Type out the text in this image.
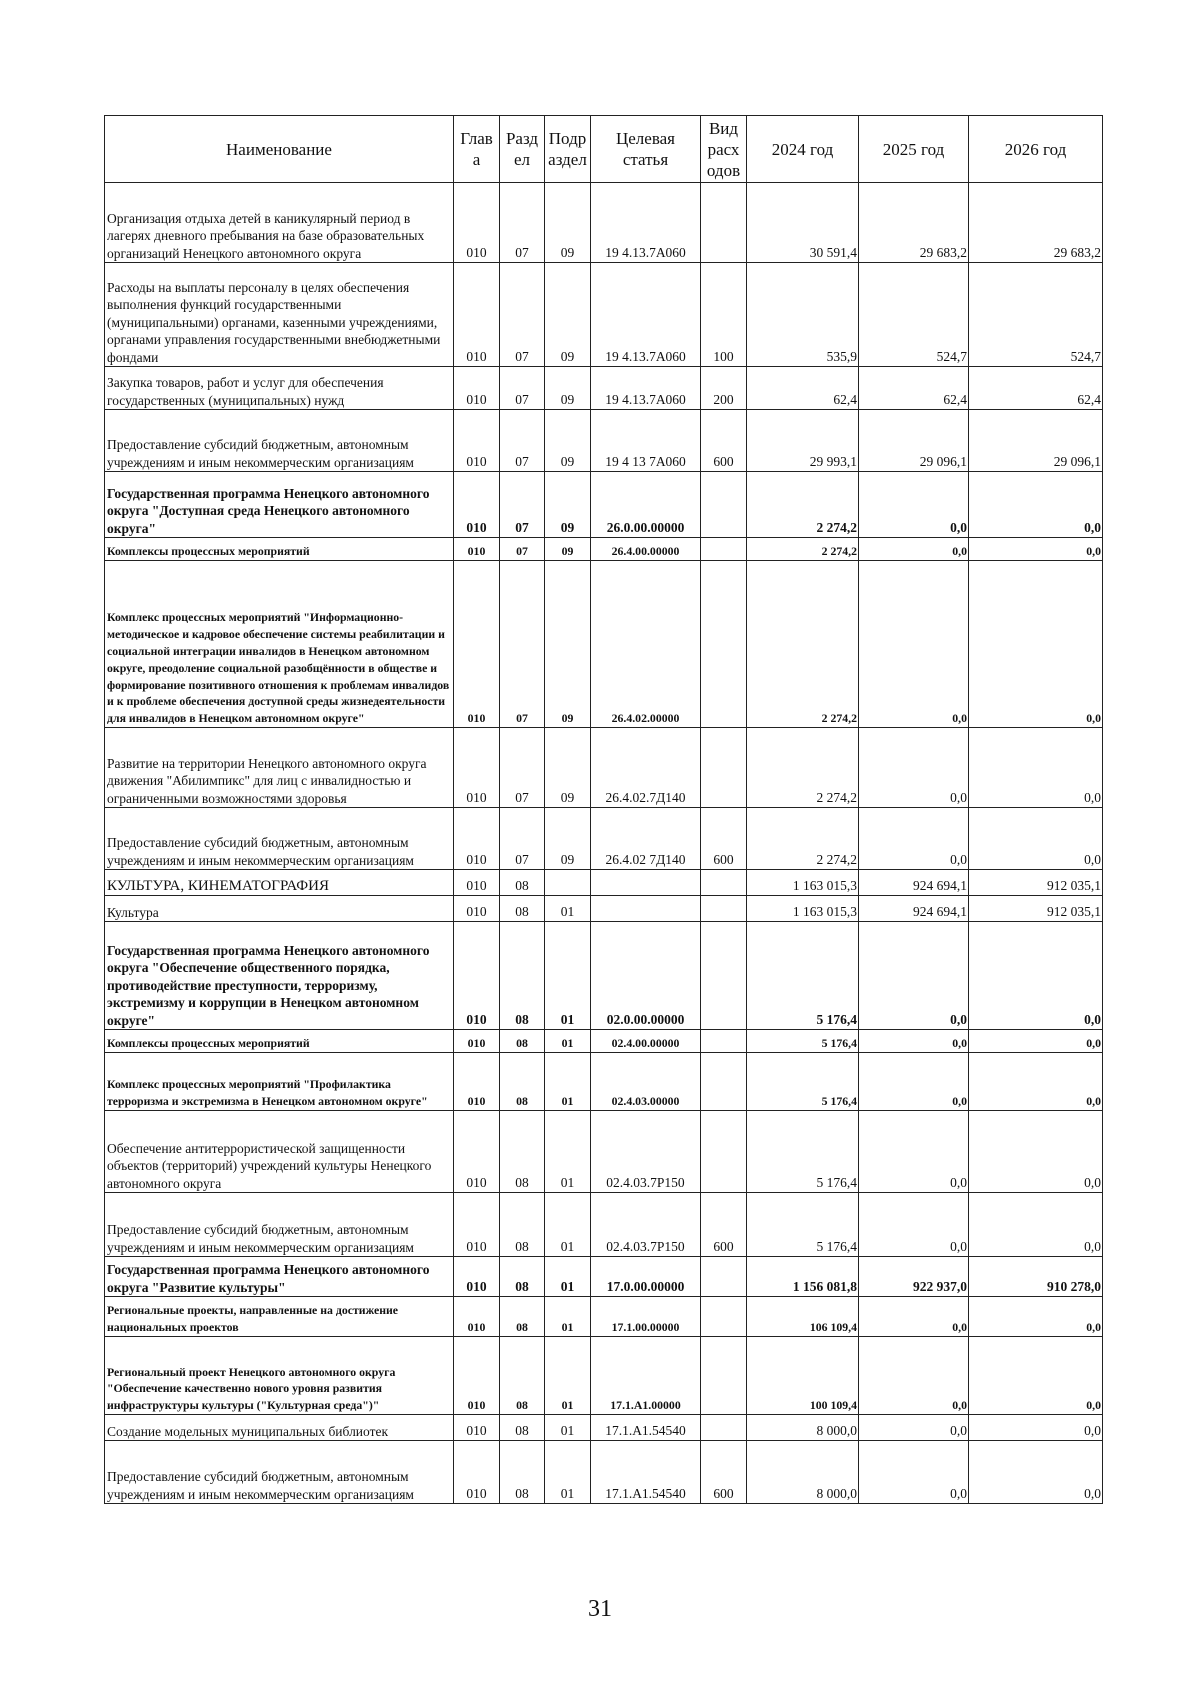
Наименование	Глав а	Разд ел	Подр аздел	Целевая статья	Вид расх одов	2024 год	2025 год	2026 год
Организация отдыха детей в каникулярный период в лагерях дневного пребывания на базе образовательных организаций Ненецкого автономного округа	010	07	09	19 4.13.7А060		30 591,4	29 683,2	29 683,2
Расходы на выплаты персоналу в целях обеспечения выполнения функций государственными (муниципальными) органами, казенными учреждениями, органами управления государственными внебюджетными фондами	010	07	09	19 4.13.7А060	100	535,9	524,7	524,7
Закупка товаров, работ и услуг для обеспечения государственных (муниципальных) нужд	010	07	09	19 4.13.7А060	200	62,4	62,4	62,4
Предоставление субсидий бюджетным, автономным учреждениям и иным некоммерческим организациям	010	07	09	19 4 13 7А060	600	29 993,1	29 096,1	29 096,1
Государственная программа Ненецкого автономного округа "Доступная среда Ненецкого автономного округа"	010	07	09	26.0.00.00000		2 274,2	0,0	0,0
Комплексы процессных мероприятий	010	07	09	26.4.00.00000		2 274,2	0,0	0,0
Комплекс процессных мероприятий "Информационно-методическое и кадровое обеспечение системы реабилитации и социальной интеграции инвалидов в Ненецком автономном округе, преодоление социальной разобщённости в обществе и формирование позитивного отношения к проблемам инвалидов и к проблеме обеспечения доступной среды жизнедеятельности для инвалидов в Ненецком автономном округе"	010	07	09	26.4.02.00000		2 274,2	0,0	0,0
Развитие на территории Ненецкого автономного округа движения "Абилимпикс" для лиц с инвалидностью и ограниченными возможностями здоровья	010	07	09	26.4.02.7Д140		2 274,2	0,0	0,0
Предоставление субсидий бюджетным, автономным учреждениям и иным некоммерческим организациям	010	07	09	26.4.02 7Д140	600	2 274,2	0,0	0,0
КУЛЬТУРА, КИНЕМАТОГРАФИЯ	010	08				1 163 015,3	924 694,1	912 035,1
Культура	010	08	01			1 163 015,3	924 694,1	912 035,1
Государственная программа Ненецкого автономного округа "Обеспечение общественного порядка, противодействие преступности, терроризму, экстремизму и коррупции в Ненецком автономном округе"	010	08	01	02.0.00.00000		5 176,4	0,0	0,0
Комплексы процессных мероприятий	010	08	01	02.4.00.00000		5 176,4	0,0	0,0
Комплекс процессных мероприятий "Профилактика терроризма и экстремизма в Ненецком автономном округе"	010	08	01	02.4.03.00000		5 176,4	0,0	0,0
Обеспечение антитеррористической защищенности объектов (территорий) учреждений культуры Ненецкого автономного округа	010	08	01	02.4.03.7Р150		5 176,4	0,0	0,0
Предоставление субсидий бюджетным, автономным учреждениям и иным некоммерческим организациям	010	08	01	02.4.03.7Р150	600	5 176,4	0,0	0,0
Государственная программа Ненецкого автономного округа "Развитие культуры"	010	08	01	17.0.00.00000		1 156 081,8	922 937,0	910 278,0
Региональные проекты, направленные на достижение национальных проектов	010	08	01	17.1.00.00000		106 109,4	0,0	0,0
Региональный проект Ненецкого автономного округа "Обеспечение качественно нового уровня развития инфраструктуры культуры ("Культурная среда")"	010	08	01	17.1.А1.00000		100 109,4	0,0	0,0
Создание модельных муниципальных библиотек	010	08	01	17.1.А1.54540		8 000,0	0,0	0,0
Предоставление субсидий бюджетным, автономным учреждениям и иным некоммерческим организациям	010	08	01	17.1.А1.54540	600	8 000,0	0,0	0,0
31
